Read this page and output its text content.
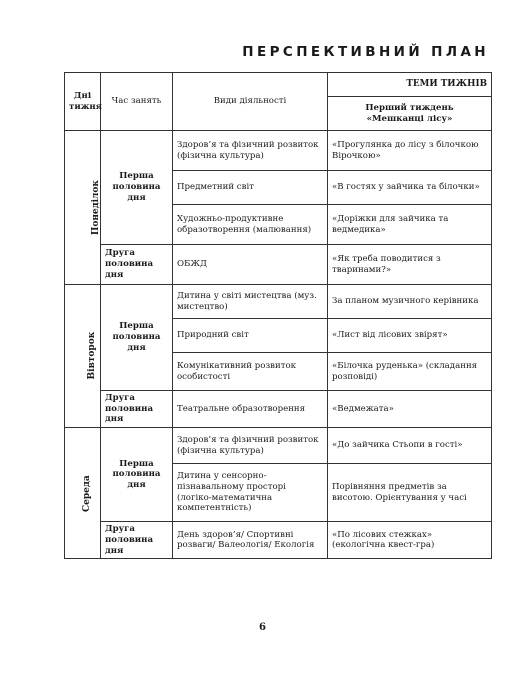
ПЕРСПЕКТИВНИЙ ПЛАН
Дні тижня	Час занять	Види діяльності	ТЕМИ ТИЖНІВ

			Перший тиждень
«Мешканці лісу»

Понеділок	Перша половина дня	Здоров’я та фізичний розвиток (фізична культура)	«Прогулянка до лісу з білочкою Вірочкою»
		Предметний світ	«В гостях у зайчика та білочки»
		Художньо-продуктивне образотворення (малювання)	«Доріжки для зайчика та ведмедика»
	Друга половина дня	ОБЖД	«Як треба поводитися з тваринами?»
Вівторок	Перша половина дня	Дитина у світі мистецтва (муз. мистецтво)	За планом музичного керівника
		Природний світ	«Лист від лісових звірят»
		Комунікативний розвиток особистості	«Білочка руденька» (складання розповіді)
	Друга половина дня	Театральне образотворення	«Ведмежата»
Середа	Перша половина дня	Здоров’я та фізичний розвиток (фізична культура)	«До зайчика Стьопи в гості»
		Дитина у сенсорно-пізнавальному просторі (логіко-математична компетентність)	Порівняння предметів за висотою. Орієнтування у часі
	Друга половина дня	День здоров’я/ Спортивні розваги/ Валеологія/ Екологія	«По лісових стежках» (екологічна квест-гра)
6
